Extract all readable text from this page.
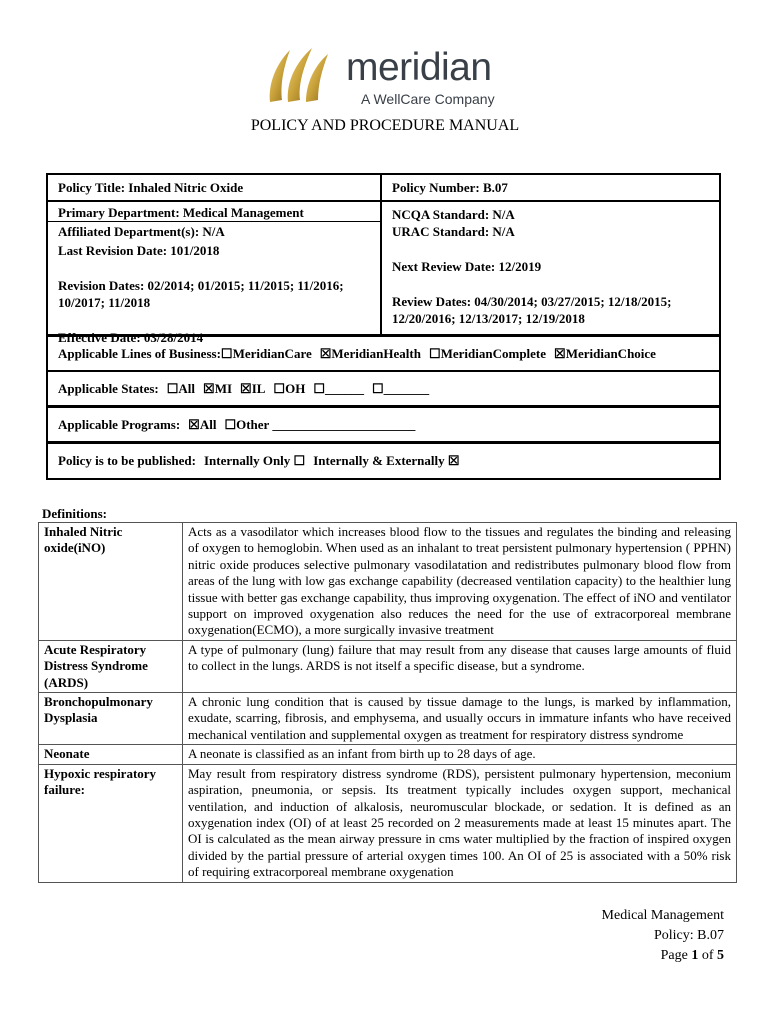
meridian
A WellCare Company
POLICY AND PROCEDURE MANUAL
Policy Title: Inhaled Nitric Oxide	Policy Number: B.07
Primary Department: Medical Management
Affiliated Department(s): N/A
Last Revision Date: 101/2018
Revision Dates: 02/2014; 01/2015; 11/2015; 11/2016; 10/2017; 11/2018
Effective Date: 03/28/2014
NCQA Standard: N/A
URAC Standard: N/A
Next Review Date: 12/2019
Review Dates: 04/30/2014; 03/27/2015; 12/18/2015; 12/20/2016; 12/13/2017; 12/19/2018
Applicable Lines of Business: ☐MeridianCare ☒MeridianHealth ☐MeridianComplete ☒MeridianChoice
Applicable States: ☐All ☒MI ☒IL ☐OH ☐______ ☐_______
Applicable Programs: ☒All ☐Other ______________________
Policy is to be published: Internally Only
☐ Internally & Externally
☒
Definitions:
Inhaled Nitric oxide(iNO)	Acts as a vasodilator which increases blood flow to the tissues and regulates the binding and releasing of oxygen to hemoglobin. When used as an inhalant to treat persistent pulmonary hypertension ( PPHN) nitric oxide produces selective pulmonary vasodilatation and redistributes pulmonary blood flow from areas of the lung with low gas exchange capability (decreased ventilation capacity) to the healthier lung tissue with better gas exchange capability, thus improving oxygenation. The effect of iNO and ventilator support on improved oxygenation also reduces the need for the use of extracorporeal membrane oxygenation(ECMO), a more surgically invasive treatment
Acute Respiratory Distress Syndrome (ARDS)	A type of pulmonary (lung) failure that may result from any disease that causes large amounts of fluid to collect in the lungs. ARDS is not itself a specific disease, but a syndrome.
Bronchopulmonary Dysplasia	A chronic lung condition that is caused by tissue damage to the lungs, is marked by inflammation, exudate, scarring, fibrosis, and emphysema, and usually occurs in immature infants who have received mechanical ventilation and supplemental oxygen as treatment for respiratory distress syndrome
Neonate	A neonate is classified as an infant from birth up to 28 days of age.
Hypoxic respiratory failure:	May result from respiratory distress syndrome (RDS), persistent pulmonary hypertension, meconium aspiration, pneumonia, or sepsis. Its treatment typically includes oxygen support, mechanical ventilation, and induction of alkalosis, neuromuscular blockade, or sedation. It is defined as an oxygenation index (OI) of at least 25 recorded on 2 measurements made at least 15 minutes apart. The OI is calculated as the mean airway pressure in cms water multiplied by the fraction of inspired oxygen divided by the partial pressure of arterial oxygen times 100. An OI of 25 is associated with a 50% risk of requiring extracorporeal membrane oxygenation
Medical Management
Policy: B.07
Page 1 of 5
